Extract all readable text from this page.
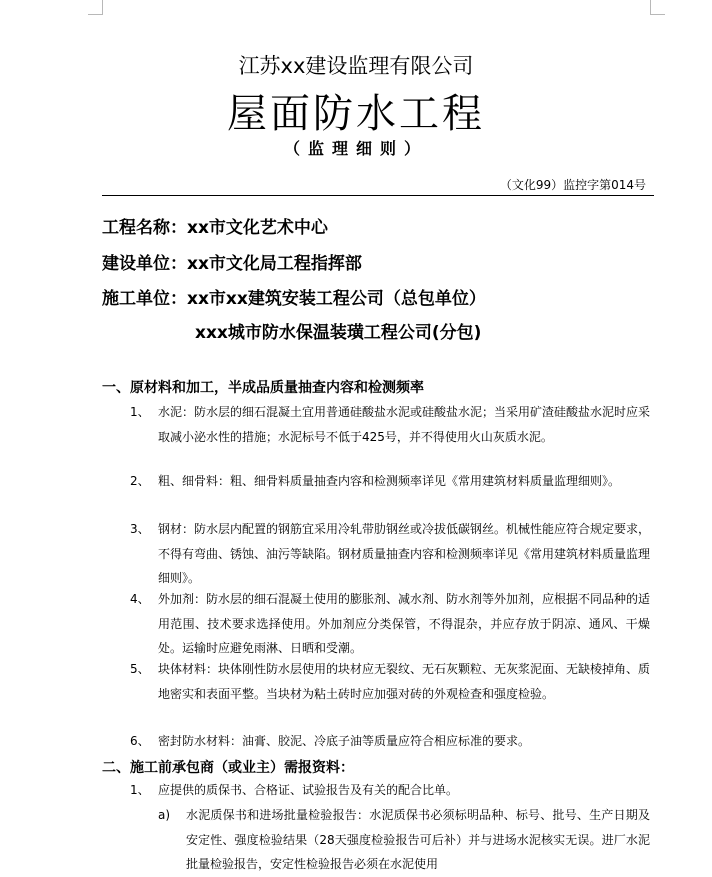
江苏xx建设监理有限公司
屋面防水工程
（监理细则）
（文化99）监控字第014号
工程名称：xx市文化艺术中心
建设单位：xx市文化局工程指挥部
施工单位：xx市xx建筑安装工程公司（总包单位）
xxx城市防水保温装璜工程公司(分包)
一、原材料和加工，半成品质量抽查内容和检测频率
1、 水泥：防水层的细石混凝土宜用普通硅酸盐水泥或硅酸盐水泥；当采用矿渣硅酸盐水泥时应采取减小泌水性的措施；水泥标号不低于425号，并不得使用火山灰质水泥。
2、 粗、细骨料：粗、细骨料质量抽查内容和检测频率详见《常用建筑材料质量监理细则》。
3、 钢材：防水层内配置的钢筋宜采用冷轧带肋钢丝或冷拔低碳钢丝。机械性能应符合规定要求，不得有弯曲、锈蚀、油污等缺陷。钢材质量抽查内容和检测频率详见《常用建筑材料质量监理细则》。
4、 外加剂：防水层的细石混凝土使用的膨胀剂、减水剂、防水剂等外加剂，应根据不同品种的适用范围、技术要求选择使用。外加剂应分类保管，不得混杂，并应存放于阴凉、通风、干燥处。运输时应避免雨淋、日晒和受潮。
5、 块体材料：块体刚性防水层使用的块材应无裂纹、无石灰颗粒、无灰浆泥面、无缺棱掉角、质地密实和表面平整。当块材为粘土砖时应加强对砖的外观检查和强度检验。
6、 密封防水材料：油膏、胶泥、冷底子油等质量应符合相应标准的要求。
二、施工前承包商（或业主）需报资料：
1、 应提供的质保书、合格证、试验报告及有关的配合比单。
a) 水泥质保书和进场批量检验报告：水泥质保书必须标明品种、标号、批号、生产日期及安定性、强度检验结果（28天强度检验报告可后补）并与进场水泥核实无误。进厂水泥批量检验报告，安定性检验报告必须在水泥使用
